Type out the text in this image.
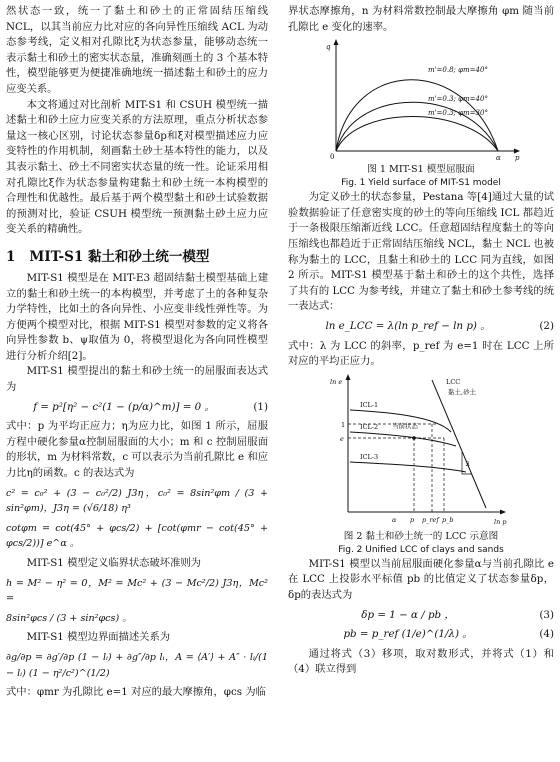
然状态一致，统一了黏土和砂土的正常固结压缩线 NCL，以其当前应力比对应的各向异性压缩线 ACL 为动态参考线，定义相对孔隙比ξ为状态参量，能够动态统一表示黏土和砂土的密实状态量，准确刻画土的 3 个基本特性，模型能够更为便捷准确地统一描述黏土和砂土的应力应变关系。

本文将通过对比剖析 MIT-S1 和 CSUH 模型统一描述黏土和砂土应力应变关系的方法原理，重点分析状态参量这一核心区别，讨论状态参量δp和ξ对模型描述应力应变特性的作用机制，刻画黏土砂土基本特性的能力，以及其表示黏土、砂土不同密实状态量的统一性。论证采用相对孔隙比ξ作为状态参量构建黏土和砂土统一本构模型的合理性和优越性。最后基于两个模型黏土和砂土试验数据的预测对比，验证 CSUH 模型统一预测黏土砂土应力应变关系的精确性。

1 MIT-S1 黏土和砂土统一模型

MIT-S1 模型是在 MIT-E3 超固结黏土模型基础上建立的黏土和砂土统一的本构模型，并考虑了土的各种复杂力学特性，比如土的各向异性、小应变非线性弹性等。为方便两个模型对比，根据 MIT-S1 模型对参数的定义将各向异性参数 b、ψ取值为 0，将模型退化为各向同性模型进行分析介绍[2]。

MIT-S1 模型提出的黏土和砂土统一的屈服面表达式为

f = p²[η² − c²(1 − (p/α)^m)] = 0 。	(1)

式中：p 为平均正应力；η为应力比，如图 1 所示，屈服方程中硬化参量α控制屈服面的大小；m 和 c 控制屈服面的形状，m 为材料常数，c 可以表示为当前孔隙比 e 和应力比η的函数。c 的表达式为

c² = c₀² + (3 − c₀²/2) J3η，c₀² = 8sin²φm / (3 + sin²φm)，J3η = (√6/18) η³
cotφm = cot(45° + φcs/2) + [cot(φmr − cot(45° + φcs/2))] e^α 。

MIT-S1 模型定义临界状态破坏准则为

h = M² − η² = 0，M² = Mc² + (3 − Mc²/2) J3η，Mc² =
8sin²φcs / (3 + sin²φcs) 。

MIT-S1 模型边界面描述关系为

∂g/∂p = ∂g′/∂p (1 − lᵢ) + ∂g″/∂p lᵢ，A = ⟨A′⟩ + A″ · lᵢ/(1 − lᵢ) (1 − η²/c²)^(1/2)

式中：φmr 为孔隙比 e=1 对应的最大摩擦角，φcs 为临

界状态摩擦角，n 为材料常数控制最大摩擦角 φm 随当前孔隙比 e 变化的速率。

q
0	α p
m'=0.8; φm=40°
m'=0.3; φm=40°
m'=0.3; φm=30°
图 1 MIT-S1 模型屈服面
Fig. 1 Yield surface of MIT-S1 model

为定义砂土的状态参量，Pestana 等[4]通过大量的试验数据验证了任意密实度的砂土的等向压缩线 ICL 都趋近于一条极限压缩渐近线 LCC。任意超固结程度黏土的等向压缩线也都趋近于正常固结压缩线 NCL，黏土 NCL 也被称为黏土的 LCC，且黏土和砂土的 LCC 同为直线，如图 2 所示。MIT-S1 模型基于黏土和砂土的这个共性，选择了共有的 LCC 为参考线，并建立了黏土和砂土参考线的统一表达式：

ln e_LCC = λ(ln p_ref − ln p) 。	(2)

式中：λ 为 LCC 的斜率，p_ref 为 e=1 时在 LCC 上所对应的平均正应力。

ln e
ln p
LCC
黏土,砂土
ICL-1
ICL-2
ICL-3
当前状态
λ
e
1
p p_ref p_b
α
图 2 黏土和砂土统一的 LCC 示意图
Fig. 2 Unified LCC of clays and sands

MIT-S1 模型以当前屈服面硬化参量α与当前孔隙比 e 在 LCC 上投影水平标值 pb 的比值定义了状态参量δp，δp的表达式为

δp = 1 − α / pb ，	(3)
pb = p_ref (1/e)^(1/λ) 。	(4)

通过将式（3）移项，取对数形式，并将式（1）和（4）联立得到
